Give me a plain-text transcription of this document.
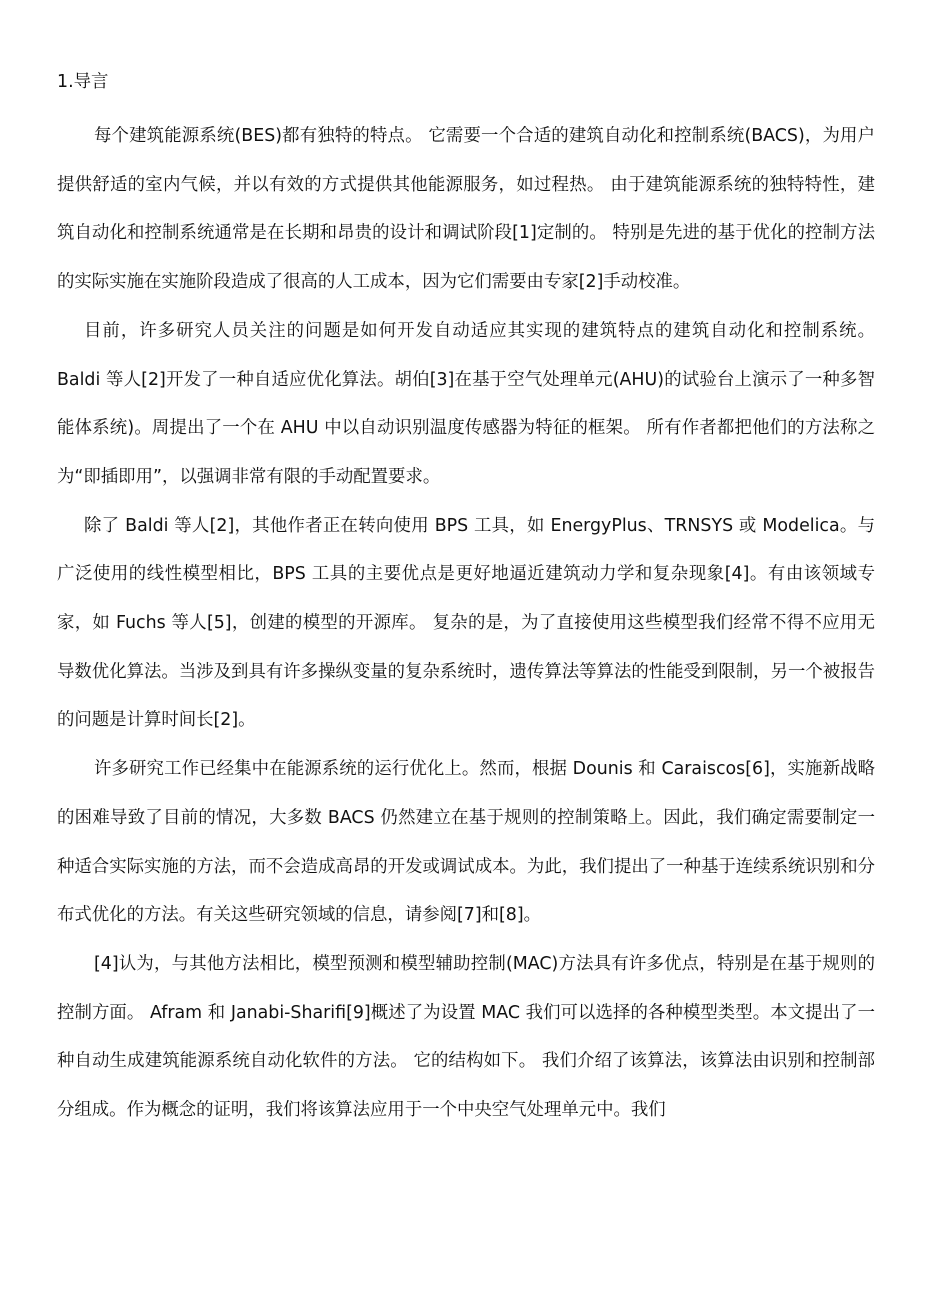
1.导言

每个建筑能源系统(BES)都有独特的特点。 它需要一个合适的建筑自动化和控制系统(BACS)，为用户提供舒适的室内气候，并以有效的方式提供其他能源服务，如过程热。 由于建筑能源系统的独特特性，建筑自动化和控制系统通常是在长期和昂贵的设计和调试阶段[1]定制的。 特别是先进的基于优化的控制方法的实际实施在实施阶段造成了很高的人工成本，因为它们需要由专家[2]手动校准。

目前，许多研究人员关注的问题是如何开发自动适应其实现的建筑特点的建筑自动化和控制系统。Baldi 等人[2]开发了一种自适应优化算法。胡伯[3]在基于空气处理单元(AHU)的试验台上演示了一种多智能体系统)。周提出了一个在 AHU 中以自动识别温度传感器为特征的框架。 所有作者都把他们的方法称之为“即插即用”，以强调非常有限的手动配置要求。

除了 Baldi 等人[2]，其他作者正在转向使用 BPS 工具，如 EnergyPlus、TRNSYS 或 Modelica。与广泛使用的线性模型相比，BPS 工具的主要优点是更好地逼近建筑动力学和复杂现象[4]。有由该领域专家，如 Fuchs 等人[5]，创建的模型的开源库。 复杂的是，为了直接使用这些模型我们经常不得不应用无导数优化算法。当涉及到具有许多操纵变量的复杂系统时，遗传算法等算法的性能受到限制，另一个被报告的问题是计算时间长[2]。

许多研究工作已经集中在能源系统的运行优化上。然而，根据 Dounis 和 Caraiscos[6]，实施新战略的困难导致了目前的情况，大多数 BACS 仍然建立在基于规则的控制策略上。因此，我们确定需要制定一种适合实际实施的方法，而不会造成高昂的开发或调试成本。为此，我们提出了一种基于连续系统识别和分布式优化的方法。有关这些研究领域的信息，请参阅[7]和[8]。

[4]认为，与其他方法相比，模型预测和模型辅助控制(MAC)方法具有许多优点，特别是在基于规则的控制方面。 Afram 和 Janabi-Sharifi[9]概述了为设置 MAC 我们可以选择的各种模型类型。本文提出了一种自动生成建筑能源系统自动化软件的方法。 它的结构如下。 我们介绍了该算法，该算法由识别和控制部分组成。作为概念的证明，我们将该算法应用于一个中央空气处理单元中。我们
